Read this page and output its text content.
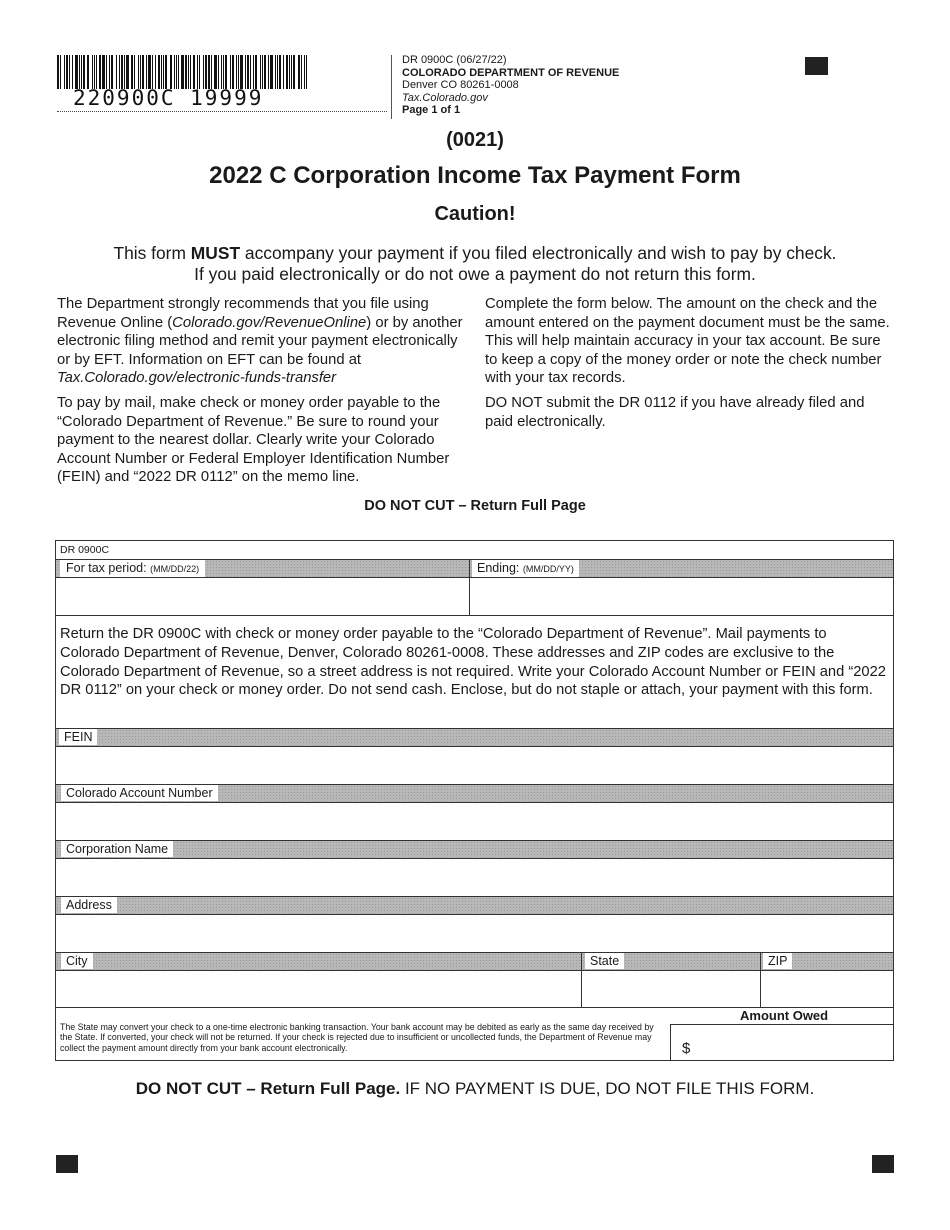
220900C 19999
DR 0900C (06/27/22)
COLORADO DEPARTMENT OF REVENUE
Denver CO 80261-0008
Tax.Colorado.gov
Page 1 of 1
(0021)
2022 C Corporation Income Tax Payment Form
Caution!
This form MUST accompany your payment if you filed electronically and wish to pay by check.
If you paid electronically or do not owe a payment do not return this form.

The Department strongly recommends that you file using Revenue Online (Colorado.gov/RevenueOnline) or by another electronic filing method and remit your payment electronically or by EFT. Information on EFT can be found at Tax.Colorado.gov/electronic-funds-transfer

To pay by mail, make check or money order payable to the “Colorado Department of Revenue.” Be sure to round your payment to the nearest dollar. Clearly write your Colorado Account Number or Federal Employer Identification Number (FEIN) and “2022 DR 0112” on the memo line.

Complete the form below. The amount on the check and the amount entered on the payment document must be the same. This will help maintain accuracy in your tax account. Be sure to keep a copy of the money order or note the check number with your tax records.

DO NOT submit the DR 0112 if you have already filed and paid electronically.

DO NOT CUT – Return Full Page
DR 0900C
For tax period: (MM/DD/22)	Ending: (MM/DD/YY)
Return the DR 0900C with check or money order payable to the “Colorado Department of Revenue”. Mail payments to Colorado Department of Revenue, Denver, Colorado 80261-0008. These addresses and ZIP codes are exclusive to the Colorado Department of Revenue, so a street address is not required. Write your Colorado Account Number or FEIN and “2022 DR 0112” on your check or money order. Do not send cash. Enclose, but do not staple or attach, your payment with this form.
FEIN
Colorado Account Number
Corporation Name
Address
City	State	ZIP
Amount Owed
The State may convert your check to a one-time electronic banking transaction. Your bank account may be debited as early as the same day received by the State. If converted, your check will not be returned. If your check is rejected due to insufficient or uncollected funds, the Department of Revenue may collect the payment amount directly from your bank account electronically.	$
DO NOT CUT – Return Full Page. IF NO PAYMENT IS DUE, DO NOT FILE THIS FORM.
